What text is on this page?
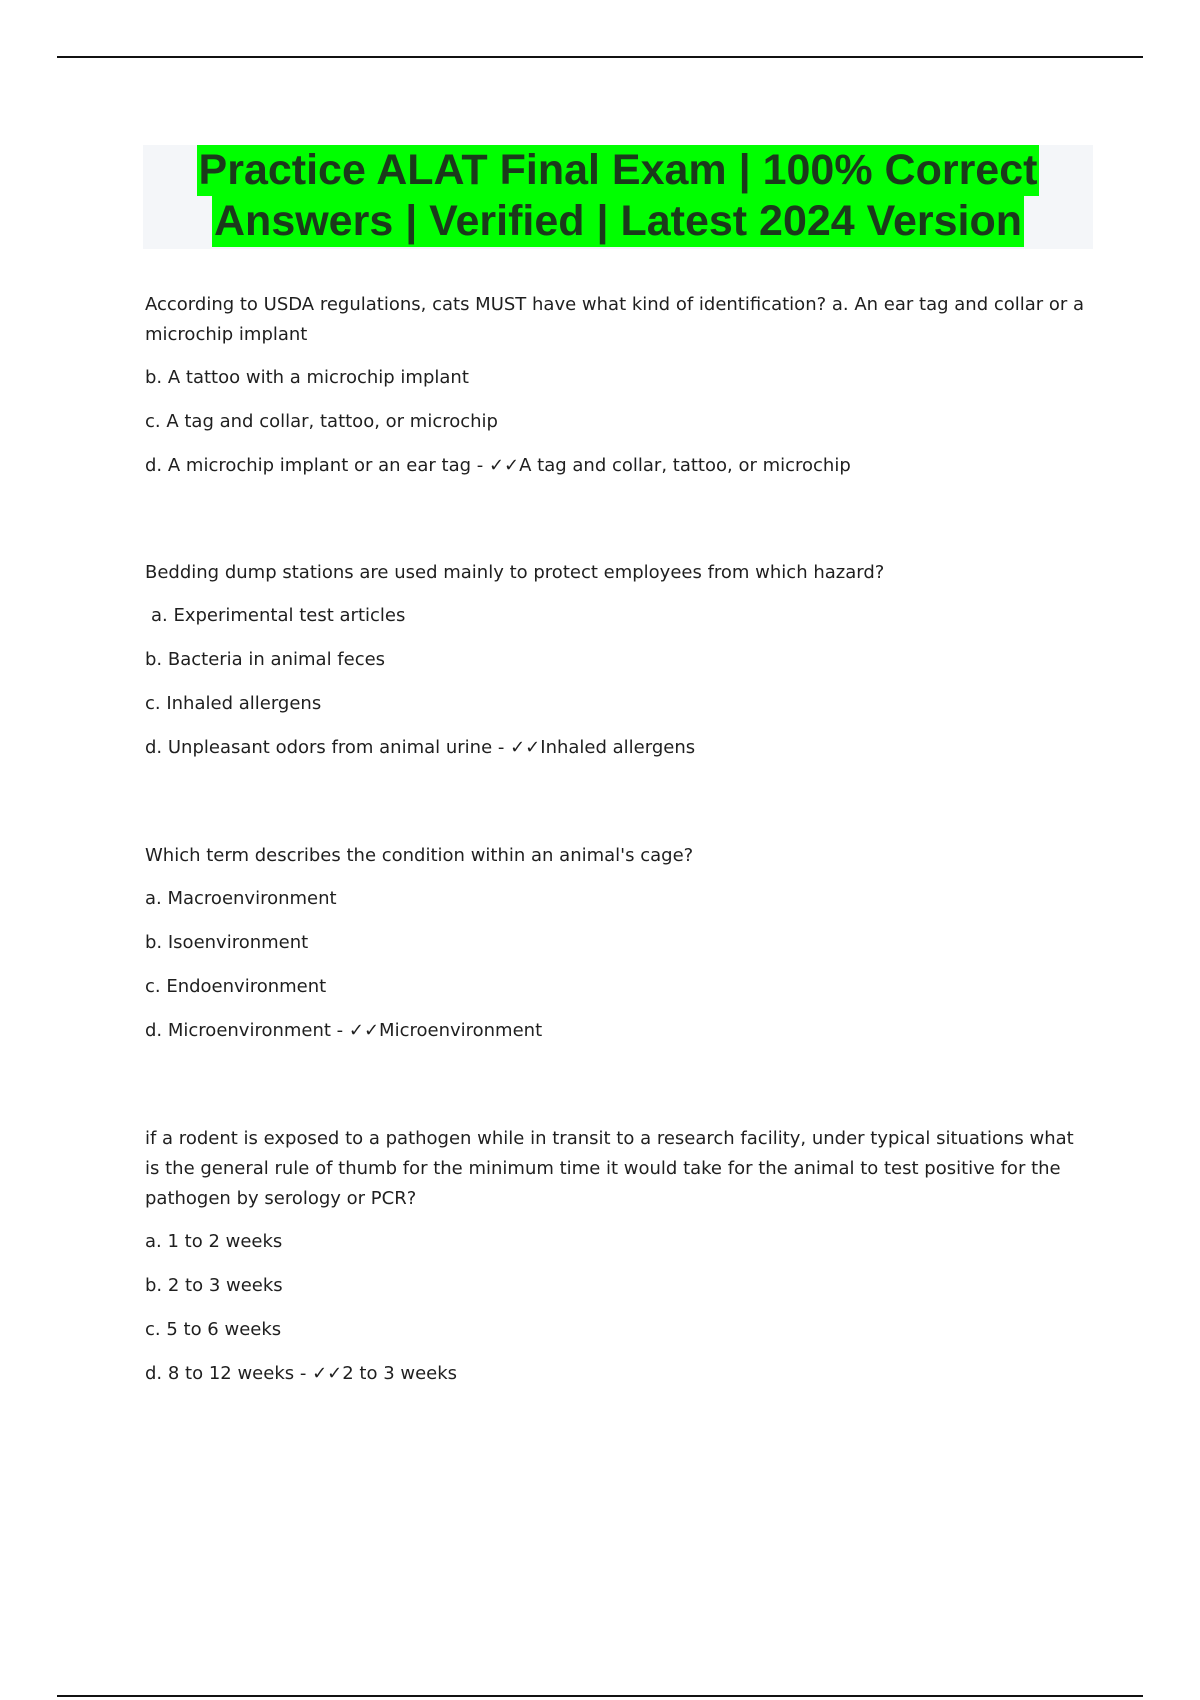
Practice ALAT Final Exam | 100% Correct
Answers | Verified | Latest 2024 Version
According to USDA regulations, cats MUST have what kind of identification? a. An ear tag and collar or a microchip implant
b. A tattoo with a microchip implant
c. A tag and collar, tattoo, or microchip
d. A microchip implant or an ear tag - ✓✓A tag and collar, tattoo, or microchip
Bedding dump stations are used mainly to protect employees from which hazard?
a. Experimental test articles
b. Bacteria in animal feces
c. Inhaled allergens
d. Unpleasant odors from animal urine - ✓✓Inhaled allergens
Which term describes the condition within an animal's cage?
a. Macroenvironment
b. Isoenvironment
c. Endoenvironment
d. Microenvironment - ✓✓Microenvironment
if a rodent is exposed to a pathogen while in transit to a research facility, under typical situations what is the general rule of thumb for the minimum time it would take for the animal to test positive for the pathogen by serology or PCR?
a. 1 to 2 weeks
b. 2 to 3 weeks
c. 5 to 6 weeks
d. 8 to 12 weeks - ✓✓2 to 3 weeks
